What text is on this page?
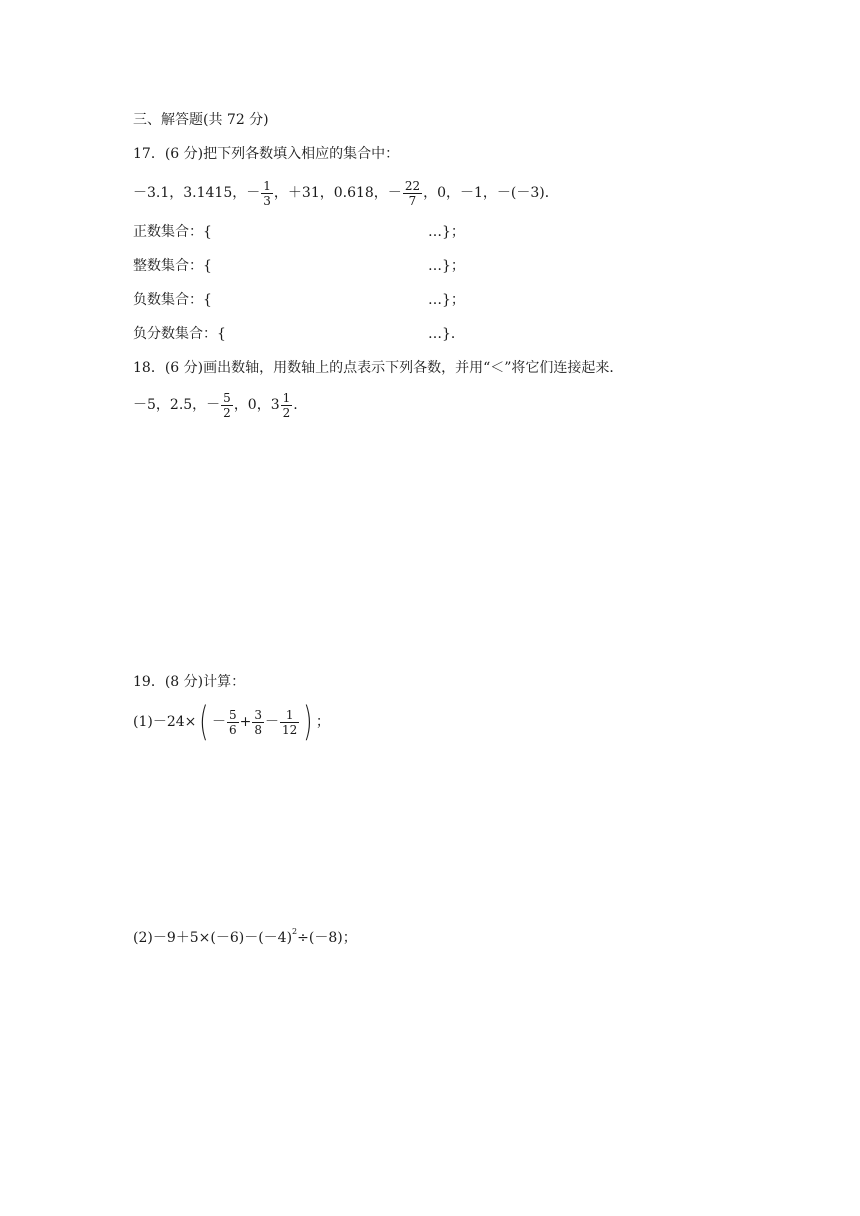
三、解答题(共 72 分)
17．(6 分)把下列各数填入相应的集合中：
－3.1，3.1415，－ $\frac{1}{3}$ ，＋31，0.618，－ $\frac{22}{7}$ ，0，－1，－(－3)．
正数集合：{	…}；
整数集合：{	…}；
负数集合：{	…}；
负分数集合：{	…}．
18．(6 分)画出数轴，用数轴上的点表示下列各数，并用“＜”将它们连接起来．
－5，2.5，－ $\frac{5}{2}$ ，0，$3 \frac{1}{2}$ .
19．(8 分)计算：
$(1)-24\times( - \frac{5}{6} + \frac{3}{8} - \frac{1}{12}$ ) ；
$(2)-9+5\times(-6)-(-4)^2\div(-8)$；
